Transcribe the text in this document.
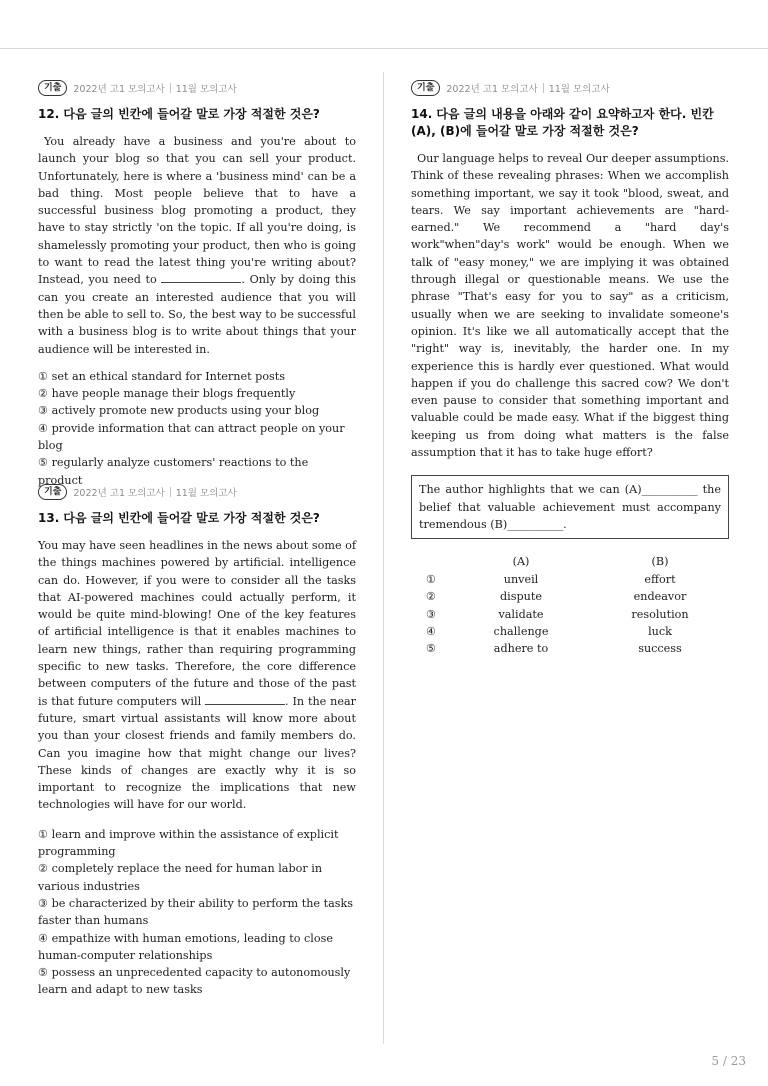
기출	2022년 고1 모의고사 11월 모의고사
12. 다음 글의 빈칸에 들어갈 말로 가장 적절한 것은?
You already have a business and you're about to launch your blog so that you can sell your product. Unfortunately, here is where a 'business mind' can be a bad thing. Most people believe that to have a successful business blog promoting a product, they have to stay strictly 'on the topic. If all you're doing, is shamelessly promoting your product, then who is going to want to read the latest thing you're writing about? Instead, you need to	. Only by doing this can you create an interested audience that you will then be able to sell to. So, the best way to be successful with a business blog is to write about things that your audience will be interested in.
① set an ethical standard for Internet posts
② have people manage their blogs frequently
③ actively promote new products using your blog
④ provide information that can attract people on your blog
⑤ regularly analyze customers' reactions to the product
기출	2022년 고1 모의고사 11월 모의고사
13. 다음 글의 빈칸에 들어갈 말로 가장 적절한 것은?
You may have seen headlines in the news about some of the things machines powered by artificial. intelligence can do. However, if you were to consider all the tasks that AI-powered machines could actually perform, it would be quite mind-blowing! One of the key features of artificial intelligence is that it enables machines to learn new things, rather than requiring programming specific to new tasks. Therefore, the core difference between computers of the future and those of the past is that future computers will	. In the near future, smart virtual assistants will know more about you than your closest friends and family members do. Can you imagine how that might change our lives? These kinds of changes are exactly why it is so important to recognize the implications that new technologies will have for our world.
① learn and improve within the assistance of explicit programming
② completely replace the need for human labor in various industries
③ be characterized by their ability to perform the tasks faster than humans
④ empathize with human emotions, leading to close human-computer relationships
⑤ possess an unprecedented capacity to autonomously learn and adapt to new tasks
기출	2022년 고1 모의고사 11월 모의고사
14. 다음 글의 내용을 아래와 같이 요약하고자 한다. 빈칸 (A), (B)에 들어갈 말로 가장 적절한 것은?
Our language helps to reveal Our deeper assumptions. Think of these revealing phrases: When we accomplish something important, we say it took "blood, sweat, and tears. We say important achievements are "hard-earned." We recommend a "hard day's work"when"day's work" would be enough. When we talk of "easy money," we are implying it was obtained through illegal or questionable means. We use the phrase "That's easy for you to say" as a criticism, usually when we are seeking to invalidate someone's opinion. It's like we all automatically accept that the "right" way is, inevitably, the harder one. In my experience this is hardly ever questioned. What would happen if you do challenge this sacred cow? We don't even pause to consider that something important and valuable could be made easy. What if the biggest thing keeping us from doing what matters is the false assumption that it has to take huge effort?
The author highlights that we can (A)__________ the belief that valuable achievement must accompany tremendous (B)__________.
	(A)	(B)
①	unveil	effort
②	dispute	endeavor
③	validate	resolution
④	challenge	luck
⑤	adhere to	success
5 / 23
